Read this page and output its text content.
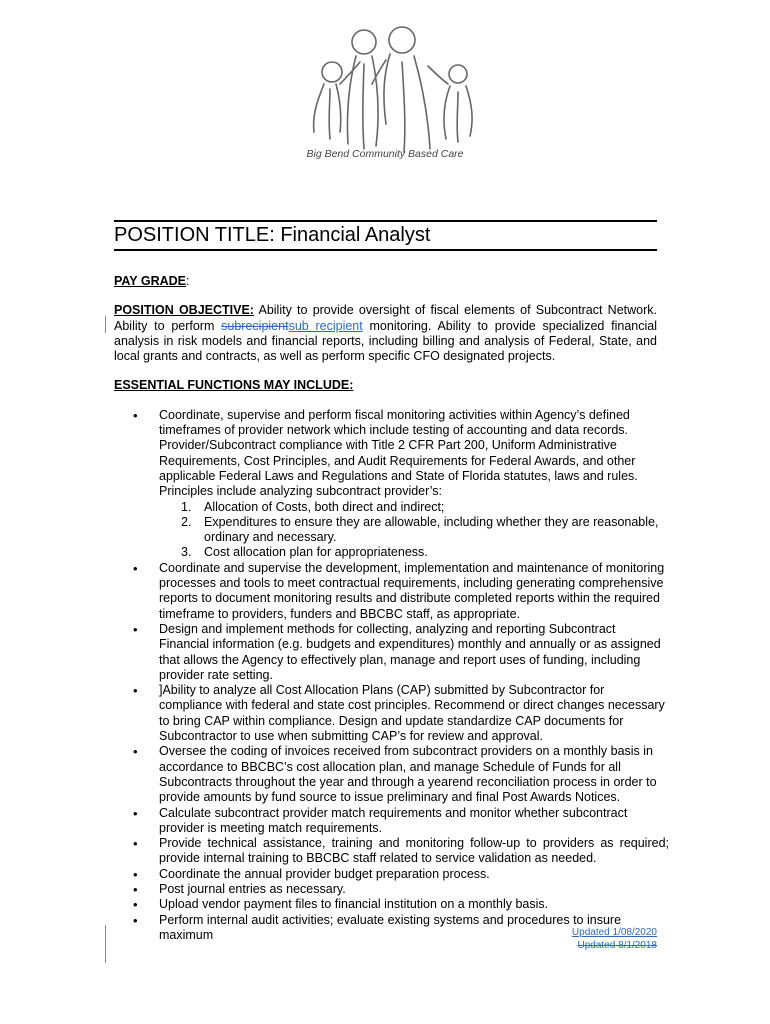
Big Bend Community Based Care
POSITION TITLE: Financial Analyst

PAY GRADE:

POSITION OBJECTIVE: Ability to provide oversight of fiscal elements of Subcontract Network. Ability to perform subrecipientsub recipient monitoring. Ability to provide specialized financial analysis in risk models and financial reports, including billing and analysis of Federal, State, and local grants and contracts, as well as perform specific CFO designated projects.

ESSENTIAL FUNCTIONS MAY INCLUDE:

• Coordinate, supervise and perform fiscal monitoring activities within Agency’s defined timeframes of provider network which include testing of accounting and data records. Provider/Subcontract compliance with Title 2 CFR Part 200, Uniform Administrative Requirements, Cost Principles, and Audit Requirements for Federal Awards, and other applicable Federal Laws and Regulations and State of Florida statutes, laws and rules. Principles include analyzing subcontract provider’s:
1. Allocation of Costs, both direct and indirect;
2. Expenditures to ensure they are allowable, including whether they are reasonable, ordinary and necessary.
3. Cost allocation plan for appropriateness.
• Coordinate and supervise the development, implementation and maintenance of monitoring processes and tools to meet contractual requirements, including generating comprehensive reports to document monitoring results and distribute completed reports within the required timeframe to providers, funders and BBCBC staff, as appropriate.
• Design and implement methods for collecting, analyzing and reporting Subcontract Financial information (e.g. budgets and expenditures) monthly and annually or as assigned that allows the Agency to effectively plan, manage and report uses of funding, including provider rate setting.
• ]Ability to analyze all Cost Allocation Plans (CAP) submitted by Subcontractor for compliance with federal and state cost principles. Recommend or direct changes necessary to bring CAP within compliance. Design and update standardize CAP documents for Subcontractor to use when submitting CAP’s for review and approval.
• Oversee the coding of invoices received from subcontract providers on a monthly basis in accordance to BBCBC’s cost allocation plan, and manage Schedule of Funds for all Subcontracts throughout the year and through a yearend reconciliation process in order to provide amounts by fund source to issue preliminary and final Post Awards Notices.
• Calculate subcontract provider match requirements and monitor whether subcontract provider is meeting match requirements.
• Provide technical assistance, training and monitoring follow-up to providers as required; provide internal training to BBCBC staff related to service validation as needed.
• Coordinate the annual provider budget preparation process.
• Post journal entries as necessary.
• Upload vendor payment files to financial institution on a monthly basis.
• Perform internal audit activities; evaluate existing systems and procedures to insure maximum	Updated 1/08/2020
Updated 8/1/2018
